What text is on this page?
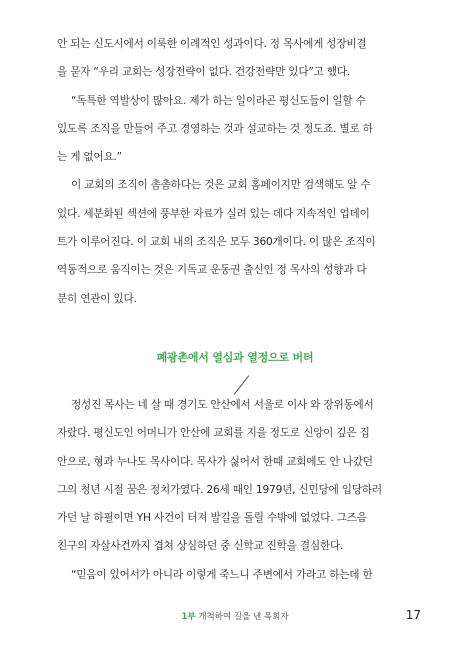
안 되는 신도시에서 이룩한 이례적인 성과이다. 정 목사에게 성장비결
을 묻자 “우리 교회는 성장전략이 없다. 건강전략만 있다”고 했다.
“독특한 역발상이 많아요. 제가 하는 일이라곤 평신도들이 일할 수
있도록 조직을 만들어 주고 경영하는 것과 설교하는 것 정도죠. 별로 하
는 게 없어요.”
이 교회의 조직이 촘촘하다는 것은 교회 홈페이지만 검색해도 알 수
있다. 세분화된 섹션에 풍부한 자료가 실려 있는 데다 지속적인 업데이
트가 이루어진다. 이 교회 내의 조직은 모두 360개이다. 이 많은 조직이
역동적으로 움직이는 것은 기독교 운동권 출신인 정 목사의 성향과 다
분히 연관이 있다.
폐광촌에서 열심과 열정으로 버텨
정성진 목사는 네 살 때 경기도 안산에서 서울로 이사 와 장위동에서
자랐다. 평신도인 어머니가 안산에 교회를 지을 정도로 신앙이 깊은 집
안으로, 형과 누나도 목사이다. 목사가 싫어서 한때 교회에도 안 나갔던
그의 청년 시절 꿈은 정치가였다. 26세 때인 1979년, 신민당에 입당하러
가던 날 하필이면 YH 사건이 터져 발길을 돌릴 수밖에 없었다. 그즈음
친구의 자살사건까지 겹쳐 상심하던 중 신학교 진학을 결심한다.
“믿음이 있어서가 아니라 이렇게 죽느니 주변에서 가라고 하는데 한
1부 개척하여 길을 낸 목회자	17
